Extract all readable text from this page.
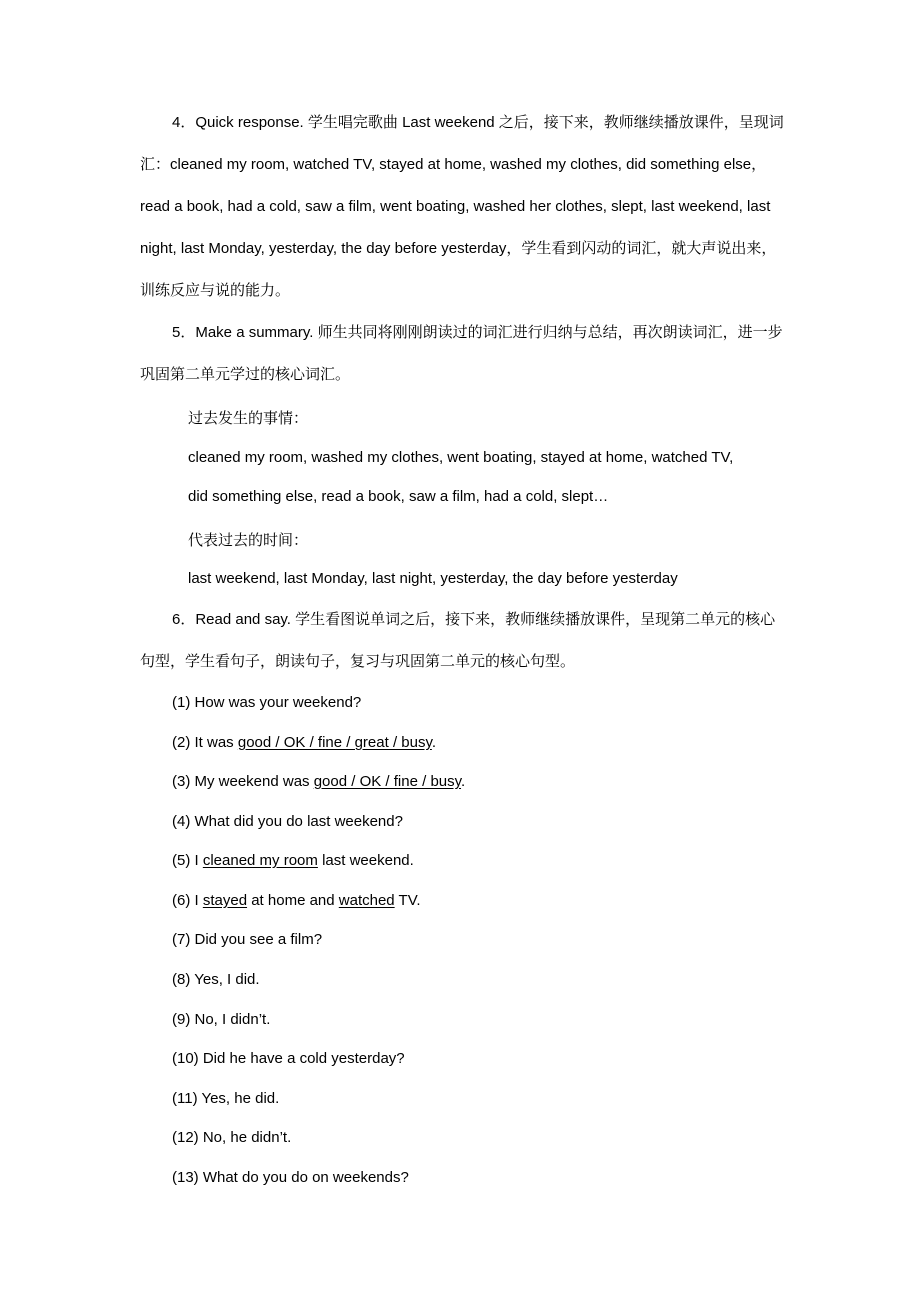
4．Quick response. 学生唱完歌曲 Last weekend 之后，接下来，教师继续播放课件，呈现词汇：cleaned my room, watched TV, stayed at home, washed my clothes, did something else， read a book, had a cold, saw a film, went boating, washed her clothes, slept, last weekend, last night, last Monday, yesterday, the day before yesterday，学生看到闪动的词汇，就大声说出来，训练反应与说的能力。

5．Make a summary. 师生共同将刚刚朗读过的词汇进行归纳与总结，再次朗读词汇，进一步巩固第二单元学过的核心词汇。

过去发生的事情：

cleaned my room, washed my clothes, went boating, stayed at home, watched TV,

did something else, read a book, saw a film, had a cold, slept…

代表过去的时间：

last weekend, last Monday, last night, yesterday, the day before yesterday

6．Read and say. 学生看图说单词之后，接下来，教师继续播放课件，呈现第二单元的核心句型，学生看句子，朗读句子，复习与巩固第二单元的核心句型。

(1) How was your weekend?

(2) It was good / OK / fine / great / busy.

(3) My weekend was good / OK / fine / busy.

(4) What did you do last weekend?

(5) I cleaned my room last weekend.

(6) I stayed at home and watched TV.

(7) Did you see a film?

(8) Yes, I did.

(9) No, I didn’t.

(10) Did he have a cold yesterday?

(11) Yes, he did.

(12) No, he didn’t.

(13) What do you do on weekends?
